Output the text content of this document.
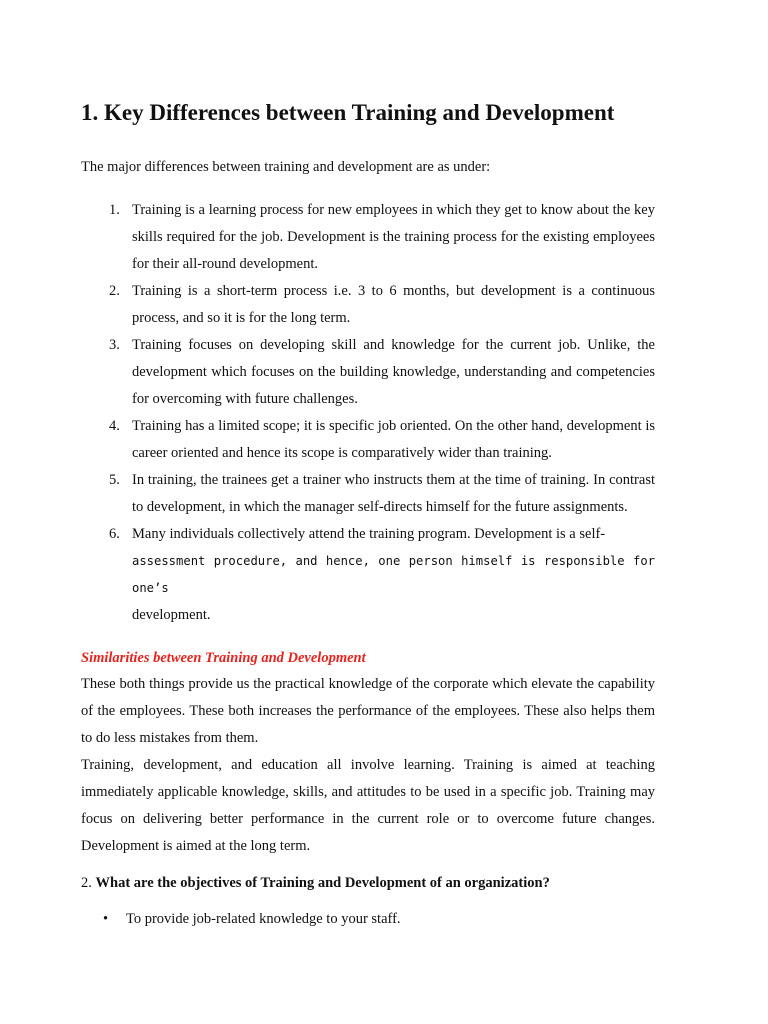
1. Key Differences between Training and Development

The major differences between training and development are as under:

1. Training is a learning process for new employees in which they get to know about the key skills required for the job. Development is the training process for the existing employees for their all-round development.
2. Training is a short-term process i.e. 3 to 6 months, but development is a continuous process, and so it is for the long term.
3. Training focuses on developing skill and knowledge for the current job. Unlike, the development which focuses on the building knowledge, understanding and competencies for overcoming with future challenges.
4. Training has a limited scope; it is specific job oriented. On the other hand, development is career oriented and hence its scope is comparatively wider than training.
5. In training, the trainees get a trainer who instructs them at the time of training. In contrast to development, in which the manager self-directs himself for the future assignments.
6. Many individuals collectively attend the training program. Development is a self-
assessment procedure, and hence, one person himself is responsible for one’s
development.

Similarities between Training and Development

These both things provide us the practical knowledge of the corporate which elevate the capability of the employees. These both increases the performance of the employees. These also helps them to do less mistakes from them.

Training, development, and education all involve learning. Training is aimed at teaching immediately applicable knowledge, skills, and attitudes to be used in a specific job. Training may focus on delivering better performance in the current role or to overcome future changes. Development is aimed at the long term.

2. What are the objectives of Training and Development of an organization?

• To provide job-related knowledge to your staff.
